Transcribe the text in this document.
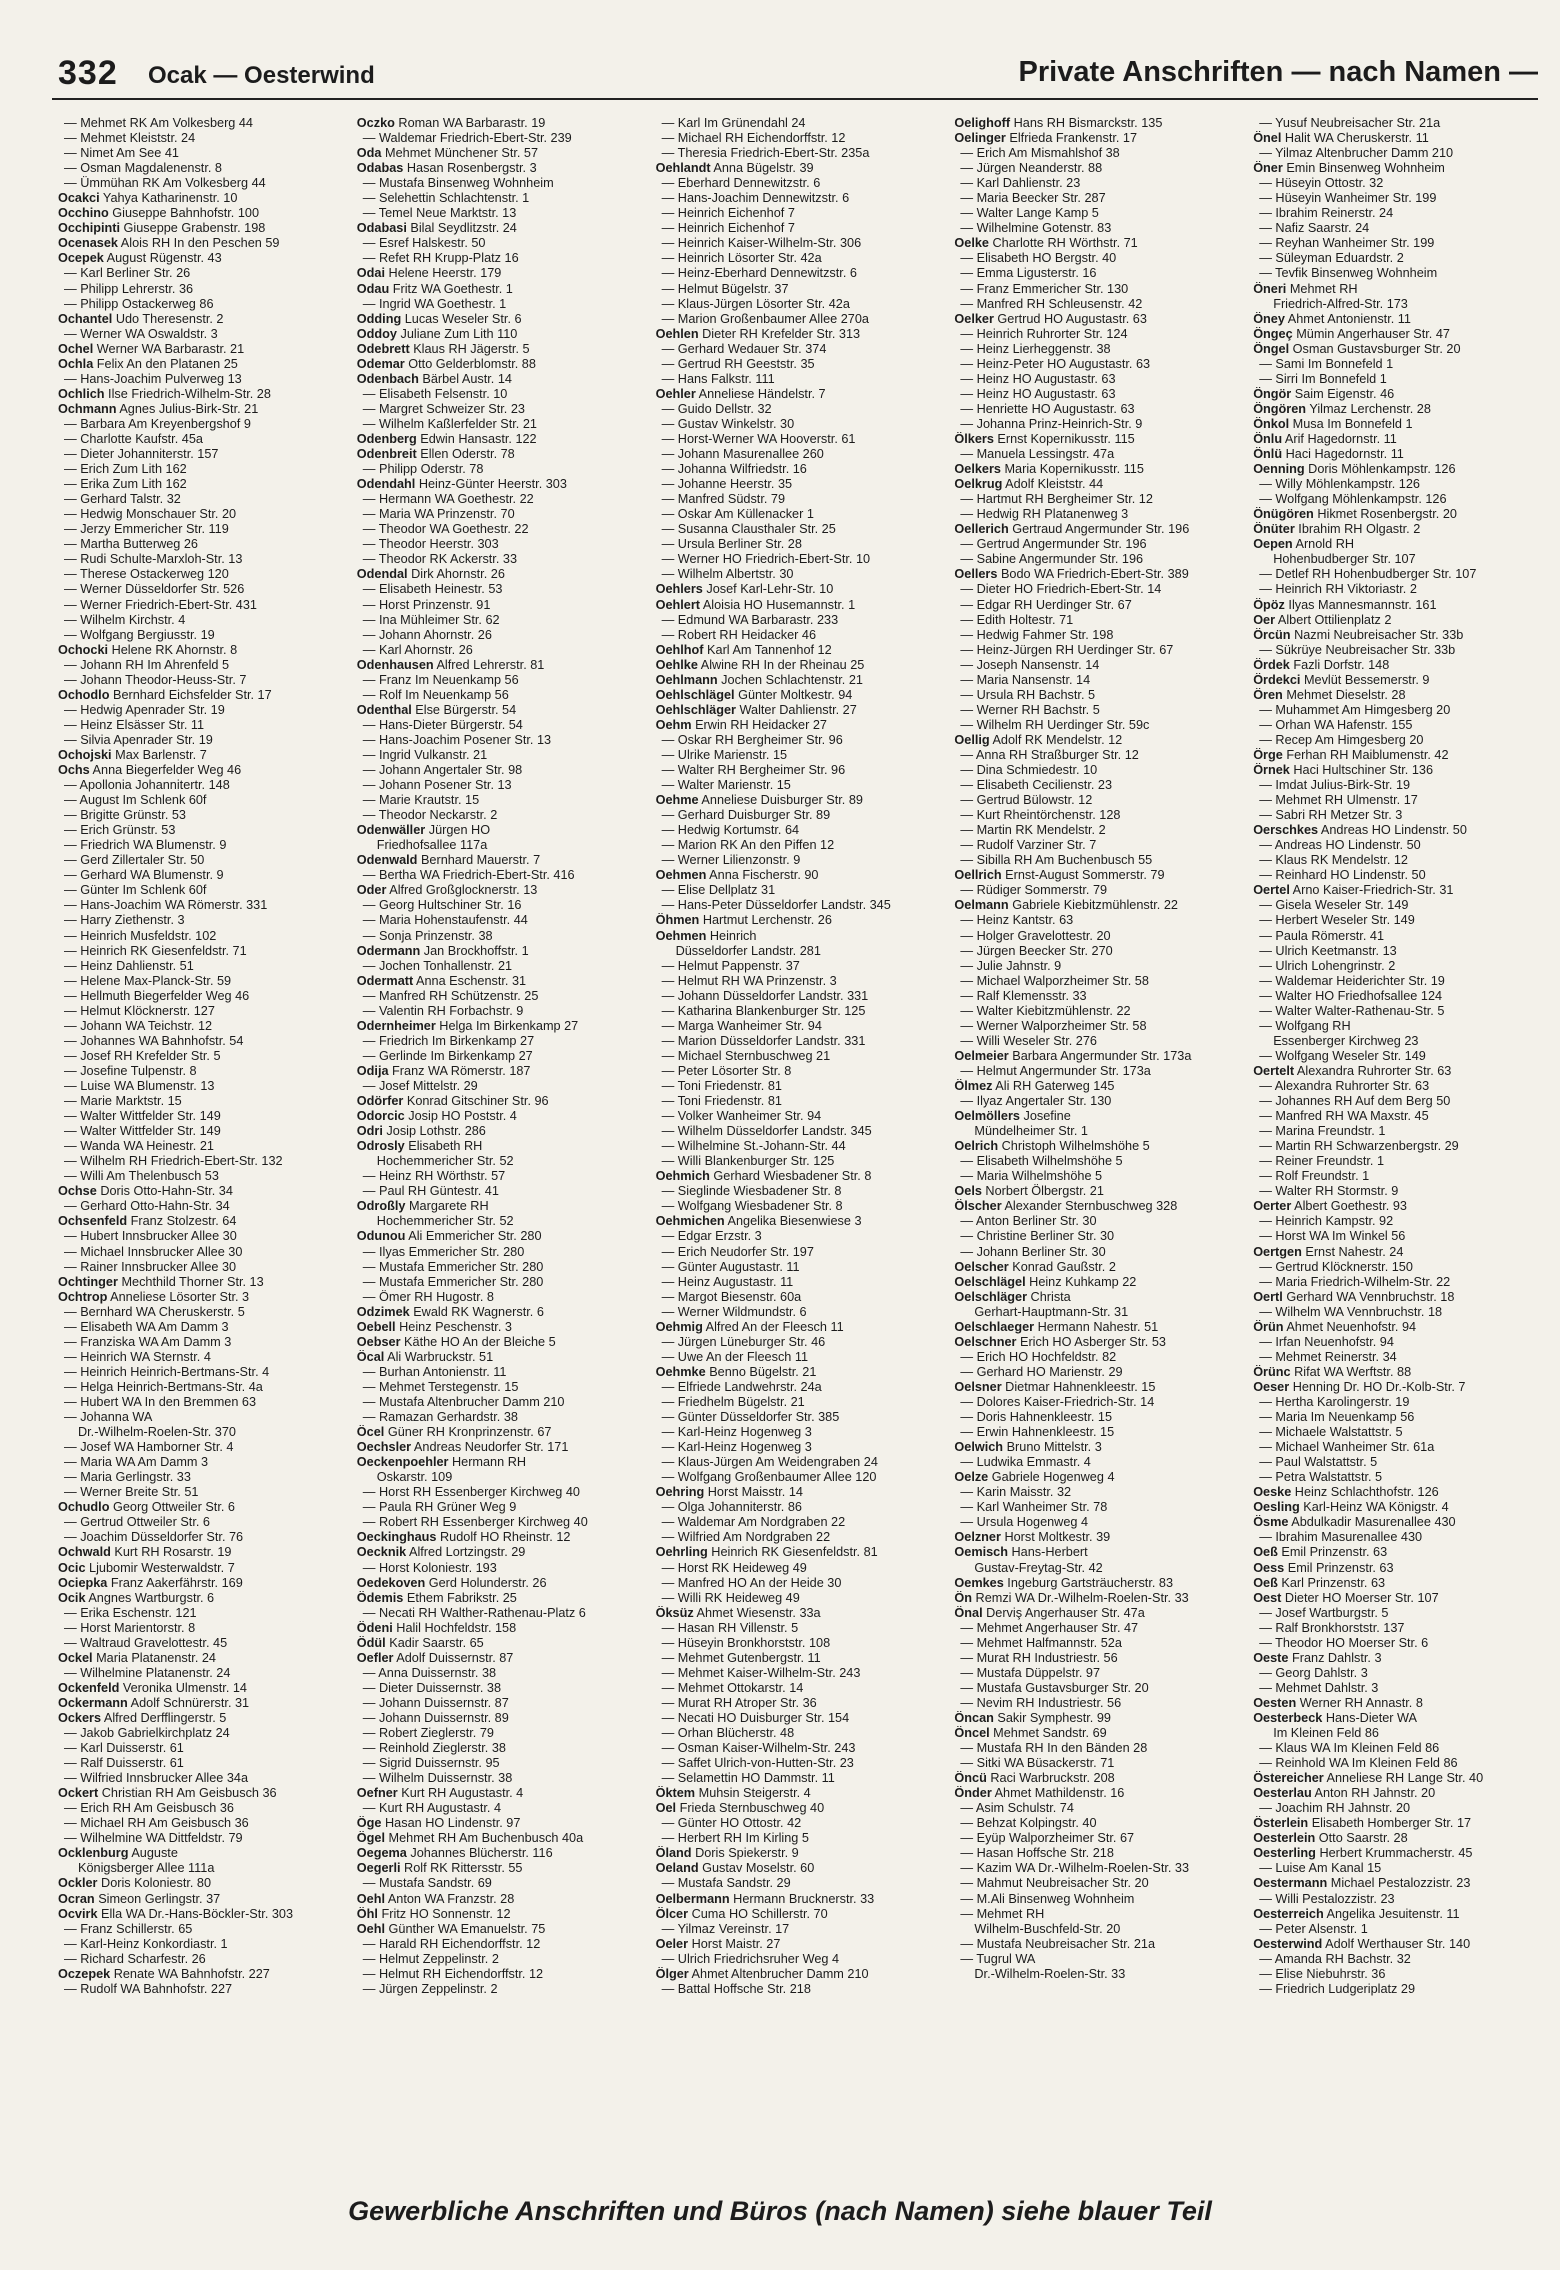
332 Ocak — Oesterwind	Private Anschriften — nach Namen —
— Mehmet RK Am Volkesberg 44
— Mehmet Kleiststr. 24
— Nimet Am See 41
— Osman Magdalenenstr. 8
— Ümmühan RK Am Volkesberg 44
Ocakci Yahya Katharinenstr. 10
Occhino Giuseppe Bahnhofstr. 100
Occhipinti Giuseppe Grabenstr. 198
Ocenasek Alois RH In den Peschen 59
Ocepek August Rügenstr. 43
— Karl Berliner Str. 26
— Philipp Lehrerstr. 36
— Philipp Ostackerweg 86
Ochantel Udo Theresenstr. 2
— Werner WA Oswaldstr. 3
Ochel Werner WA Barbarastr. 21
Ochla Felix An den Platanen 25
— Hans-Joachim Pulverweg 13
Ochlich Ilse Friedrich-Wilhelm-Str. 28
Ochmann Agnes Julius-Birk-Str. 21
— Barbara Am Kreyenbergshof 9
— Charlotte Kaufstr. 45a
— Dieter Johanniterstr. 157
— Erich Zum Lith 162
— Erika Zum Lith 162
— Gerhard Talstr. 32
— Hedwig Monschauer Str. 20
— Jerzy Emmericher Str. 119
— Martha Butterweg 26
— Rudi Schulte-Marxloh-Str. 13
— Therese Ostackerweg 120
— Werner Düsseldorfer Str. 526
— Werner Friedrich-Ebert-Str. 431
— Wilhelm Kirchstr. 4
— Wolfgang Bergiusstr. 19
Ochocki Helene RK Ahornstr. 8
— Johann RH Im Ahrenfeld 5
— Johann Theodor-Heuss-Str. 7
Ochodlo Bernhard Eichsfelder Str. 17
— Hedwig Apenrader Str. 19
— Heinz Elsässer Str. 11
— Silvia Apenrader Str. 19
Ochojski Max Barlenstr. 7
Ochs Anna Biegerfelder Weg 46
— Apollonia Johannitertr. 148
— August Im Schlenk 60f
— Brigitte Grünstr. 53
— Erich Grünstr. 53
— Friedrich WA Blumenstr. 9
— Gerd Zillertaler Str. 50
— Gerhard WA Blumenstr. 9
— Günter Im Schlenk 60f
— Hans-Joachim WA Römerstr. 331
— Harry Ziethenstr. 3
— Heinrich Musfeldstr. 102
— Heinrich RK Giesenfeldstr. 71
— Heinz Dahlienstr. 51
— Helene Max-Planck-Str. 59
— Hellmuth Biegerfelder Weg 46
— Helmut Klöcknerstr. 127
— Johann WA Teichstr. 12
— Johannes WA Bahnhofstr. 54
— Josef RH Krefelder Str. 5
— Josefine Tulpenstr. 8
— Luise WA Blumenstr. 13
— Marie Marktstr. 15
— Walter Wittfelder Str. 149
— Walter Wittfelder Str. 149
— Wanda WA Heinestr. 21
— Wilhelm RH Friedrich-Ebert-Str. 132
— Willi Am Thelenbusch 53
Ochse Doris Otto-Hahn-Str. 34
— Gerhard Otto-Hahn-Str. 34
Ochsenfeld Franz Stolzestr. 64
— Hubert Innsbrucker Allee 30
— Michael Innsbrucker Allee 30
— Rainer Innsbrucker Allee 30
Ochtinger Mechthild Thorner Str. 13
Ochtrop Anneliese Lösorter Str. 3
— Bernhard WA Cheruskerstr. 5
— Elisabeth WA Am Damm 3
— Franziska WA Am Damm 3
— Heinrich WA Sternstr. 4
— Heinrich Heinrich-Bertmans-Str. 4
— Helga Heinrich-Bertmans-Str. 4a
— Hubert WA In den Bremmen 63
— Johanna WA
Dr.-Wilhelm-Roelen-Str. 370
— Josef WA Hamborner Str. 4
— Maria WA Am Damm 3
— Maria Gerlingstr. 33
— Werner Breite Str. 51
Ochudlo Georg Ottweiler Str. 6
— Gertrud Ottweiler Str. 6
— Joachim Düsseldorfer Str. 76
Ochwald Kurt RH Rosarstr. 19
Ocic Ljubomir Westerwaldstr. 7
Ociepka Franz Aakerfährstr. 169
Ocik Angnes Wartburgstr. 6
— Erika Eschenstr. 121
— Horst Marientorstr. 8
— Waltraud Gravelottestr. 45
Ockel Maria Platanenstr. 24
— Wilhelmine Platanenstr. 24
Ockenfeld Veronika Ulmenstr. 14
Ockermann Adolf Schnürerstr. 31
Ockers Alfred Derfflingerstr. 5
— Jakob Gabrielkirchplatz 24
— Karl Duisserstr. 61
— Ralf Duisserstr. 61
— Wilfried Innsbrucker Allee 34a
Ockert Christian RH Am Geisbusch 36
— Erich RH Am Geisbusch 36
— Michael RH Am Geisbusch 36
— Wilhelmine WA Dittfeldstr. 79
Ocklenburg Auguste
Königsberger Allee 111a
Ockler Doris Koloniestr. 80
Ocran Simeon Gerlingstr. 37
Ocvirk Ella WA Dr.-Hans-Böckler-Str. 303
— Franz Schillerstr. 65
— Karl-Heinz Konkordiastr. 1
— Richard Scharfestr. 26
Oczepek Renate WA Bahnhofstr. 227
— Rudolf WA Bahnhofstr. 227
Oczko Roman WA Barbarastr. 19
— Waldemar Friedrich-Ebert-Str. 239
Oda Mehmet Münchener Str. 57
Odabas Hasan Rosenbergstr. 3
— Mustafa Binsenweg Wohnheim
— Selehettin Schlachtenstr. 1
— Temel Neue Marktstr. 13
Odabasi Bilal Seydlitzstr. 24
— Esref Halskestr. 50
— Refet RH Krupp-Platz 16
Odai Helene Heerstr. 179
Odau Fritz WA Goethestr. 1
— Ingrid WA Goethestr. 1
Odding Lucas Weseler Str. 6
Oddoy Juliane Zum Lith 110
Odebrett Klaus RH Jägerstr. 5
Odemar Otto Gelderblomstr. 88
Odenbach Bärbel Austr. 14
— Elisabeth Felsenstr. 10
— Margret Schweizer Str. 23
— Wilhelm Kaßlerfelder Str. 21
Odenberg Edwin Hansastr. 122
Odenbreit Ellen Oderstr. 78
— Philipp Oderstr. 78
Odendahl Heinz-Günter Heerstr. 303
— Hermann WA Goethestr. 22
— Maria WA Prinzenstr. 70
— Theodor WA Goethestr. 22
— Theodor Heerstr. 303
— Theodor RK Ackerstr. 33
Odendal Dirk Ahornstr. 26
— Elisabeth Heinestr. 53
— Horst Prinzenstr. 91
— Ina Mühleimer Str. 62
— Johann Ahornstr. 26
— Karl Ahornstr. 26
Odenhausen Alfred Lehrerstr. 81
— Franz Im Neuenkamp 56
— Rolf Im Neuenkamp 56
Odenthal Else Bürgerstr. 54
— Hans-Dieter Bürgerstr. 54
— Hans-Joachim Posener Str. 13
— Ingrid Vulkanstr. 21
— Johann Angertaler Str. 98
— Johann Posener Str. 13
— Marie Krautstr. 15
— Theodor Neckarstr. 2
Odenwäller Jürgen HO
Friedhofsallee 117a
Odenwald Bernhard Mauerstr. 7
— Bertha WA Friedrich-Ebert-Str. 416
Oder Alfred Großglocknerstr. 13
— Georg Hultschiner Str. 16
— Maria Hohenstaufenstr. 44
— Sonja Prinzenstr. 38
Odermann Jan Brockhoffstr. 1
— Jochen Tonhallenstr. 21
Odermatt Anna Eschenstr. 31
— Manfred RH Schützenstr. 25
— Valentin RH Forbachstr. 9
Odernheimer Helga Im Birkenkamp 27
— Friedrich Im Birkenkamp 27
— Gerlinde Im Birkenkamp 27
Odija Franz WA Römerstr. 187
— Josef Mittelstr. 29
Odörfer Konrad Gitschiner Str. 96
Odorcic Josip HO Poststr. 4
Odri Josip Lothstr. 286
Odrosly Elisabeth RH
Hochemmericher Str. 52
— Heinz RH Wörthstr. 57
— Paul RH Güntestr. 41
Odroßly Margarete RH
Hochemmericher Str. 52
Odunou Ali Emmericher Str. 280
— Ilyas Emmericher Str. 280
— Mustafa Emmericher Str. 280
— Mustafa Emmericher Str. 280
— Ömer RH Hugostr. 8
Odzimek Ewald RK Wagnerstr. 6
Oebell Heinz Peschenstr. 3
Oebser Käthe HO An der Bleiche 5
Öcal Ali Warbruckstr. 51
— Burhan Antonienstr. 11
— Mehmet Terstegenstr. 15
— Mustafa Altenbrucher Damm 210
— Ramazan Gerhardstr. 38
Öcel Güner RH Kronprinzenstr. 67
Oechsler Andreas Neudorfer Str. 171
Oeckenpoehler Hermann RH
Oskarstr. 109
— Horst RH Essenberger Kirchweg 40
— Paula RH Grüner Weg 9
— Robert RH Essenberger Kirchweg 40
Oeckinghaus Rudolf HO Rheinstr. 12
Oecknik Alfred Lortzingstr. 29
— Horst Koloniestr. 193
Oedekoven Gerd Holunderstr. 26
Ödemis Ethem Fabrikstr. 25
— Necati RH Walther-Rathenau-Platz 6
Ödeni Halil Hochfeldstr. 158
Ödül Kadir Saarstr. 65
Oefler Adolf Duissernstr. 87
— Anna Duissernstr. 38
— Dieter Duissernstr. 38
— Johann Duissernstr. 87
— Johann Duissernstr. 89
— Robert Zieglerstr. 79
— Reinhold Zieglerstr. 38
— Sigrid Duissernstr. 95
— Wilhelm Duissernstr. 38
Oefner Kurt RH Augustastr. 4
— Kurt RH Augustastr. 4
Öge Hasan HO Lindenstr. 97
Ögel Mehmet RH Am Buchenbusch 40a
Oegema Johannes Blücherstr. 116
Oegerli Rolf RK Rittersstr. 55
— Mustafa Sandstr. 69
Oehl Anton WA Franzstr. 28
Öhl Fritz HO Sonnenstr. 12
Oehl Günther WA Emanuelstr. 75
— Harald RH Eichendorffstr. 12
— Helmut Zeppelinstr. 2
— Helmut RH Eichendorffstr. 12
— Jürgen Zeppelinstr. 2
— Karl Im Grünendahl 24
— Michael RH Eichendorffstr. 12
— Theresia Friedrich-Ebert-Str. 235a
Oehlandt Anna Bügelstr. 39
— Eberhard Dennewitzstr. 6
— Hans-Joachim Dennewitzstr. 6
— Heinrich Eichenhof 7
— Heinrich Eichenhof 7
— Heinrich Kaiser-Wilhelm-Str. 306
— Heinrich Lösorter Str. 42a
— Heinz-Eberhard Dennewitzstr. 6
— Helmut Bügelstr. 37
— Klaus-Jürgen Lösorter Str. 42a
— Marion Großenbaumer Allee 270a
Oehlen Dieter RH Krefelder Str. 313
— Gerhard Wedauer Str. 374
— Gertrud RH Geeststr. 35
— Hans Falkstr. 111
Oehler Anneliese Händelstr. 7
— Guido Dellstr. 32
— Gustav Winkelstr. 30
— Horst-Werner WA Hooverstr. 61
— Johann Masurenallee 260
— Johanna Wilfriedstr. 16
— Johanne Heerstr. 35
— Manfred Südstr. 79
— Oskar Am Küllenacker 1
— Susanna Clausthaler Str. 25
— Ursula Berliner Str. 28
— Werner HO Friedrich-Ebert-Str. 10
— Wilhelm Albertstr. 30
Oehlers Josef Karl-Lehr-Str. 10
Oehlert Aloisia HO Husemannstr. 1
— Edmund WA Barbarastr. 233
— Robert RH Heidacker 46
Oehlhof Karl Am Tannenhof 12
Oehlke Alwine RH In der Rheinau 25
Oehlmann Jochen Schlachtenstr. 21
Oehlschlägel Günter Moltkestr. 94
Oehlschläger Walter Dahlienstr. 27
Oehm Erwin RH Heidacker 27
— Oskar RH Bergheimer Str. 96
— Ulrike Marienstr. 15
— Walter RH Bergheimer Str. 96
— Walter Marienstr. 15
Oehme Anneliese Duisburger Str. 89
— Gerhard Duisburger Str. 89
— Hedwig Kortumstr. 64
— Marion RK An den Piffen 12
— Werner Lilienzonstr. 9
Oehmen Anna Fischerstr. 90
— Elise Dellplatz 31
— Hans-Peter Düsseldorfer Landstr. 345
Öhmen Hartmut Lerchenstr. 26
Oehmen Heinrich
Düsseldorfer Landstr. 281
— Helmut Pappenstr. 37
— Helmut RH WA Prinzenstr. 3
— Johann Düsseldorfer Landstr. 331
— Katharina Blankenburger Str. 125
— Marga Wanheimer Str. 94
— Marion Düsseldorfer Landstr. 331
— Michael Sternbuschweg 21
— Peter Lösorter Str. 8
— Toni Friedenstr. 81
— Toni Friedenstr. 81
— Volker Wanheimer Str. 94
— Wilhelm Düsseldorfer Landstr. 345
— Wilhelmine St.-Johann-Str. 44
— Willi Blankenburger Str. 125
Oehmich Gerhard Wiesbadener Str. 8
— Sieglinde Wiesbadener Str. 8
— Wolfgang Wiesbadener Str. 8
Oehmichen Angelika Biesenwiese 3
— Edgar Erzstr. 3
— Erich Neudorfer Str. 197
— Günter Augustastr. 11
— Heinz Augustastr. 11
— Margot Biesenstr. 60a
— Werner Wildmundstr. 6
Oehmig Alfred An der Fleesch 11
— Jürgen Lüneburger Str. 46
— Uwe An der Fleesch 11
Oehmke Benno Bügelstr. 21
— Elfriede Landwehrstr. 24a
— Friedhelm Bügelstr. 21
— Günter Düsseldorfer Str. 385
— Karl-Heinz Hogenweg 3
— Karl-Heinz Hogenweg 3
— Klaus-Jürgen Am Weidengraben 24
— Wolfgang Großenbaumer Allee 120
Oehring Horst Maisstr. 14
— Olga Johanniterstr. 86
— Waldemar Am Nordgraben 22
— Wilfried Am Nordgraben 22
Oehrling Heinrich RK Giesenfeldstr. 81
— Horst RK Heideweg 49
— Manfred HO An der Heide 30
— Willi RK Heideweg 49
Öksüz Ahmet Wiesenstr. 33a
— Hasan RH Villenstr. 5
— Hüseyin Bronkhorststr. 108
— Mehmet Gutenbergstr. 11
— Mehmet Kaiser-Wilhelm-Str. 243
— Mehmet Ottokarstr. 14
— Murat RH Atroper Str. 36
— Necati HO Duisburger Str. 154
— Orhan Blücherstr. 48
— Osman Kaiser-Wilhelm-Str. 243
— Saffet Ulrich-von-Hutten-Str. 23
— Selamettin HO Dammstr. 11
Öktem Muhsin Steigerstr. 4
Oel Frieda Sternbuschweg 40
— Günter HO Ottostr. 42
— Herbert RH Im Kirling 5
Öland Doris Spiekerstr. 9
Oeland Gustav Moselstr. 60
— Mustafa Sandstr. 29
Oelbermann Hermann Brucknerstr. 33
Ölcer Cuma HO Schillerstr. 70
— Yilmaz Vereinstr. 17
Oeler Horst Maistr. 27
— Ulrich Friedrichsruher Weg 4
Ölger Ahmet Altenbrucher Damm 210
— Battal Hoffsche Str. 218
Oelighoff Hans RH Bismarckstr. 135
Oelinger Elfrieda Frankenstr. 17
— Erich Am Mismahlshof 38
— Jürgen Neanderstr. 88
— Karl Dahlienstr. 23
— Maria Beecker Str. 287
— Walter Lange Kamp 5
— Wilhelmine Gotenstr. 83
Oelke Charlotte RH Wörthstr. 71
— Elisabeth HO Bergstr. 40
— Emma Ligusterstr. 16
— Franz Emmericher Str. 130
— Manfred RH Schleusenstr. 42
Oelker Gertrud HO Augustastr. 63
— Heinrich Ruhrorter Str. 124
— Heinz Lierheggenstr. 38
— Heinz-Peter HO Augustastr. 63
— Heinz HO Augustastr. 63
— Heinz HO Augustastr. 63
— Henriette HO Augustastr. 63
— Johanna Prinz-Heinrich-Str. 9
Ölkers Ernst Kopernikusstr. 115
— Manuela Lessingstr. 47a
Oelkers Maria Kopernikusstr. 115
Oelkrug Adolf Kleiststr. 44
— Hartmut RH Bergheimer Str. 12
— Hedwig RH Platanenweg 3
Oellerich Gertraud Angermunder Str. 196
— Gertrud Angermunder Str. 196
— Sabine Angermunder Str. 196
Oellers Bodo WA Friedrich-Ebert-Str. 389
— Dieter HO Friedrich-Ebert-Str. 14
— Edgar RH Uerdinger Str. 67
— Edith Holtestr. 71
— Hedwig Fahmer Str. 198
— Heinz-Jürgen RH Uerdinger Str. 67
— Joseph Nansenstr. 14
— Maria Nansenstr. 14
— Ursula RH Bachstr. 5
— Werner RH Bachstr. 5
— Wilhelm RH Uerdinger Str. 59c
Oellig Adolf RK Mendelstr. 12
— Anna RH Straßburger Str. 12
— Dina Schmiedestr. 10
— Elisabeth Cecilienstr. 23
— Gertrud Bülowstr. 12
— Kurt Rheintörchenstr. 128
— Martin RK Mendelstr. 2
— Rudolf Varziner Str. 7
— Sibilla RH Am Buchenbusch 55
Oellrich Ernst-August Sommerstr. 79
— Rüdiger Sommerstr. 79
Oelmann Gabriele Kiebitzmühlenstr. 22
— Heinz Kantstr. 63
— Holger Gravelottestr. 20
— Jürgen Beecker Str. 270
— Julie Jahnstr. 9
— Michael Walporzheimer Str. 58
— Ralf Klemensstr. 33
— Walter Kiebitzmühlenstr. 22
— Werner Walporzheimer Str. 58
— Willi Weseler Str. 276
Oelmeier Barbara Angermunder Str. 173a
— Helmut Angermunder Str. 173a
Ölmez Ali RH Gaterweg 145
— Ilyaz Angertaler Str. 130
Oelmöllers Josefine
Mündelheimer Str. 1
Oelrich Christoph Wilhelmshöhe 5
— Elisabeth Wilhelmshöhe 5
— Maria Wilhelmshöhe 5
Oels Norbert Ölbergstr. 21
Ölscher Alexander Sternbuschweg 328
— Anton Berliner Str. 30
— Christine Berliner Str. 30
— Johann Berliner Str. 30
Oelscher Konrad Gaußstr. 2
Oelschlägel Heinz Kuhkamp 22
Oelschläger Christa
Gerhart-Hauptmann-Str. 31
Oelschlaeger Hermann Nahestr. 51
Oelschner Erich HO Asberger Str. 53
— Erich HO Hochfeldstr. 82
— Gerhard HO Marienstr. 29
Oelsner Dietmar Hahnenkleestr. 15
— Dolores Kaiser-Friedrich-Str. 14
— Doris Hahnenkleestr. 15
— Erwin Hahnenkleestr. 15
Oelwich Bruno Mittelstr. 3
— Ludwika Emmastr. 4
Oelze Gabriele Hogenweg 4
— Karin Maisstr. 32
— Karl Wanheimer Str. 78
— Ursula Hogenweg 4
Oelzner Horst Moltkestr. 39
Oemisch Hans-Herbert
Gustav-Freytag-Str. 42
Oemkes Ingeburg Gartsträucherstr. 83
Ön Remzi WA Dr.-Wilhelm-Roelen-Str. 33
Önal Derviş Angerhauser Str. 47a
— Mehmet Angerhauser Str. 47
— Mehmet Halfmannstr. 52a
— Murat RH Industriestr. 56
— Mustafa Düppelstr. 97
— Mustafa Gustavsburger Str. 20
— Nevim RH Industriestr. 56
Öncan Sakir Symphestr. 99
Öncel Mehmet Sandstr. 69
— Mustafa RH In den Bänden 28
— Sitki WA Büsackerstr. 71
Öncü Raci Warbruckstr. 208
Önder Ahmet Mathildenstr. 16
— Asim Schulstr. 74
— Behzat Kolpingstr. 40
— Eyüp Walporzheimer Str. 67
— Hasan Hoffsche Str. 218
— Kazim WA Dr.-Wilhelm-Roelen-Str. 33
— Mahmut Neubreisacher Str. 20
— M.Ali Binsenweg Wohnheim
— Mehmet RH
Wilhelm-Buschfeld-Str. 20
— Mustafa Neubreisacher Str. 21a
— Tugrul WA
Dr.-Wilhelm-Roelen-Str. 33
— Yusuf Neubreisacher Str. 21a
Önel Halit WA Cheruskerstr. 11
— Yilmaz Altenbrucher Damm 210
Öner Emin Binsenweg Wohnheim
— Hüseyin Ottostr. 32
— Hüseyin Wanheimer Str. 199
— Ibrahim Reinerstr. 24
— Nafiz Saarstr. 24
— Reyhan Wanheimer Str. 199
— Süleyman Eduardstr. 2
— Tevfik Binsenweg Wohnheim
Öneri Mehmet RH
Friedrich-Alfred-Str. 173
Öney Ahmet Antonienstr. 11
Öngeç Mümin Angerhauser Str. 47
Öngel Osman Gustavsburger Str. 20
— Sami Im Bonnefeld 1
— Sirri Im Bonnefeld 1
Öngör Saim Eigenstr. 46
Öngören Yilmaz Lerchenstr. 28
Önkol Musa Im Bonnefeld 1
Önlu Arif Hagedornstr. 11
Önlü Haci Hagedornstr. 11
Oenning Doris Möhlenkampstr. 126
— Willy Möhlenkampstr. 126
— Wolfgang Möhlenkampstr. 126
Önügören Hikmet Rosenbergstr. 20
Önüter Ibrahim RH Olgastr. 2
Oepen Arnold RH
Hohenbudberger Str. 107
— Detlef RH Hohenbudberger Str. 107
— Heinrich RH Viktoriastr. 2
Öpöz Ilyas Mannesmannstr. 161
Oer Albert Ottilienplatz 2
Örcün Nazmi Neubreisacher Str. 33b
— Sükrüye Neubreisacher Str. 33b
Ördek Fazli Dorfstr. 148
Ördekci Mevlüt Bessemerstr. 9
Ören Mehmet Dieselstr. 28
— Muhammet Am Himgesberg 20
— Orhan WA Hafenstr. 155
— Recep Am Himgesberg 20
Örge Ferhan RH Maiblumenstr. 42
Örnek Haci Hultschiner Str. 136
— Imdat Julius-Birk-Str. 19
— Mehmet RH Ulmenstr. 17
— Sabri RH Metzer Str. 3
Oerschkes Andreas HO Lindenstr. 50
— Andreas HO Lindenstr. 50
— Klaus RK Mendelstr. 12
— Reinhard HO Lindenstr. 50
Oertel Arno Kaiser-Friedrich-Str. 31
— Gisela Weseler Str. 149
— Herbert Weseler Str. 149
— Paula Römerstr. 41
— Ulrich Keetmanstr. 13
— Ulrich Lohengrinstr. 2
— Waldemar Heiderichter Str. 19
— Walter HO Friedhofsallee 124
— Walter Walter-Rathenau-Str. 5
— Wolfgang RH
Essenberger Kirchweg 23
— Wolfgang Weseler Str. 149
Oertelt Alexandra Ruhrorter Str. 63
— Alexandra Ruhrorter Str. 63
— Johannes RH Auf dem Berg 50
— Manfred RH WA Maxstr. 45
— Marina Freundstr. 1
— Martin RH Schwarzenbergstr. 29
— Reiner Freundstr. 1
— Rolf Freundstr. 1
— Walter RH Stormstr. 9
Oerter Albert Goethestr. 93
— Heinrich Kampstr. 92
— Horst WA Im Winkel 56
Oertgen Ernst Nahestr. 24
— Gertrud Klöcknerstr. 150
— Maria Friedrich-Wilhelm-Str. 22
Oertl Gerhard WA Vennbruchstr. 18
— Wilhelm WA Vennbruchstr. 18
Örün Ahmet Neuenhofstr. 94
— Irfan Neuenhofstr. 94
— Mehmet Reinerstr. 34
Örünc Rifat WA Werftstr. 88
Oeser Henning Dr. HO Dr.-Kolb-Str. 7
— Hertha Karolingerstr. 19
— Maria Im Neuenkamp 56
— Michaele Walstattstr. 5
— Michael Wanheimer Str. 61a
— Paul Walstattstr. 5
— Petra Walstattstr. 5
Oeske Heinz Schlachthofstr. 126
Oesling Karl-Heinz WA Königstr. 4
Ösme Abdulkadir Masurenallee 430
— Ibrahim Masurenallee 430
Oeß Emil Prinzenstr. 63
Oess Emil Prinzenstr. 63
Oeß Karl Prinzenstr. 63
Oest Dieter HO Moerser Str. 107
— Josef Wartburgstr. 5
— Ralf Bronkhorststr. 137
— Theodor HO Moerser Str. 6
Oeste Franz Dahlstr. 3
— Georg Dahlstr. 3
— Mehmet Dahlstr. 3
Oesten Werner RH Annastr. 8
Oesterbeck Hans-Dieter WA
Im Kleinen Feld 86
— Klaus WA Im Kleinen Feld 86
— Reinhold WA Im Kleinen Feld 86
Östereicher Anneliese RH Lange Str. 40
Oesterlau Anton RH Jahnstr. 20
— Joachim RH Jahnstr. 20
Österlein Elisabeth Homberger Str. 17
Oesterlein Otto Saarstr. 28
Oesterling Herbert Krummacherstr. 45
— Luise Am Kanal 15
Oestermann Michael Pestalozzistr. 23
— Willi Pestalozzistr. 23
Oesterreich Angelika Jesuitenstr. 11
— Peter Alsenstr. 1
Oesterwind Adolf Werthauser Str. 140
— Amanda RH Bachstr. 32
— Elise Niebuhrstr. 36
— Friedrich Ludgeriplatz 29
Gewerbliche Anschriften und Büros (nach Namen) siehe blauer Teil
